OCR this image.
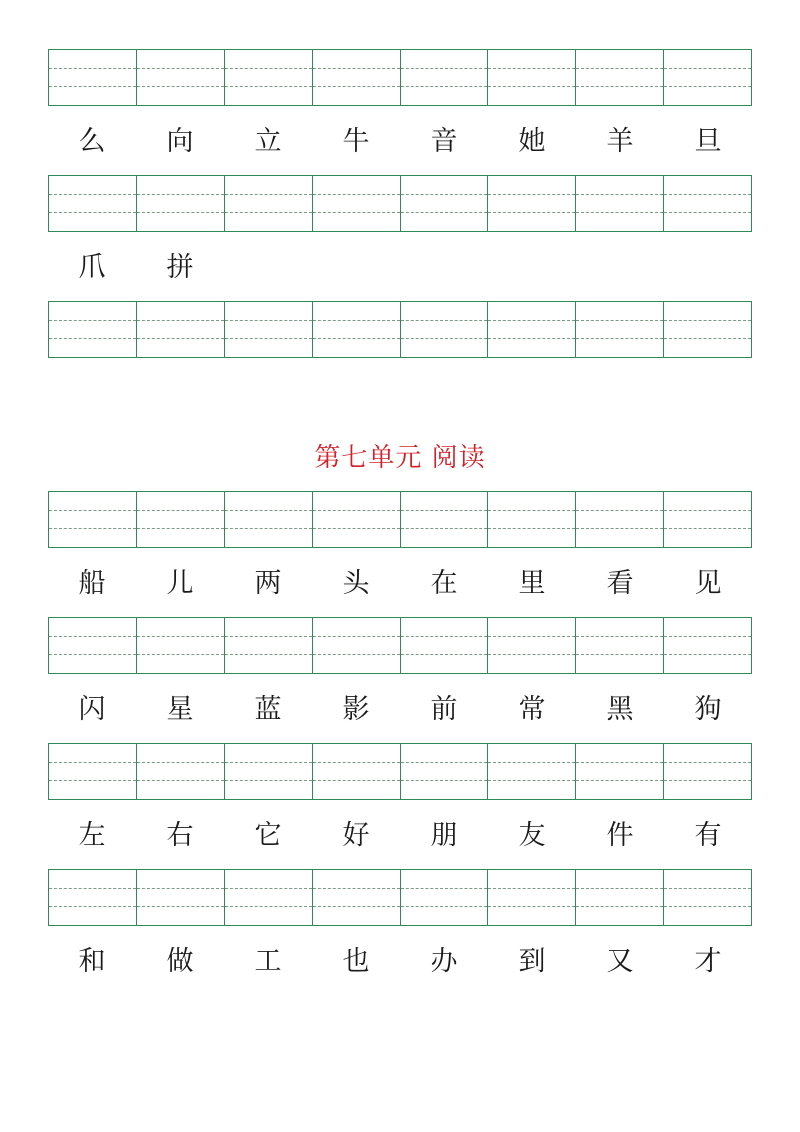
么	向	立	牛	音	她	羊	旦
爪	拼
第七单元 阅读
船	儿	两	头	在	里	看	见
闪	星	蓝	影	前	常	黑	狗
左	右	它	好	朋	友	件	有
和	做	工	也	办	到	又	才
